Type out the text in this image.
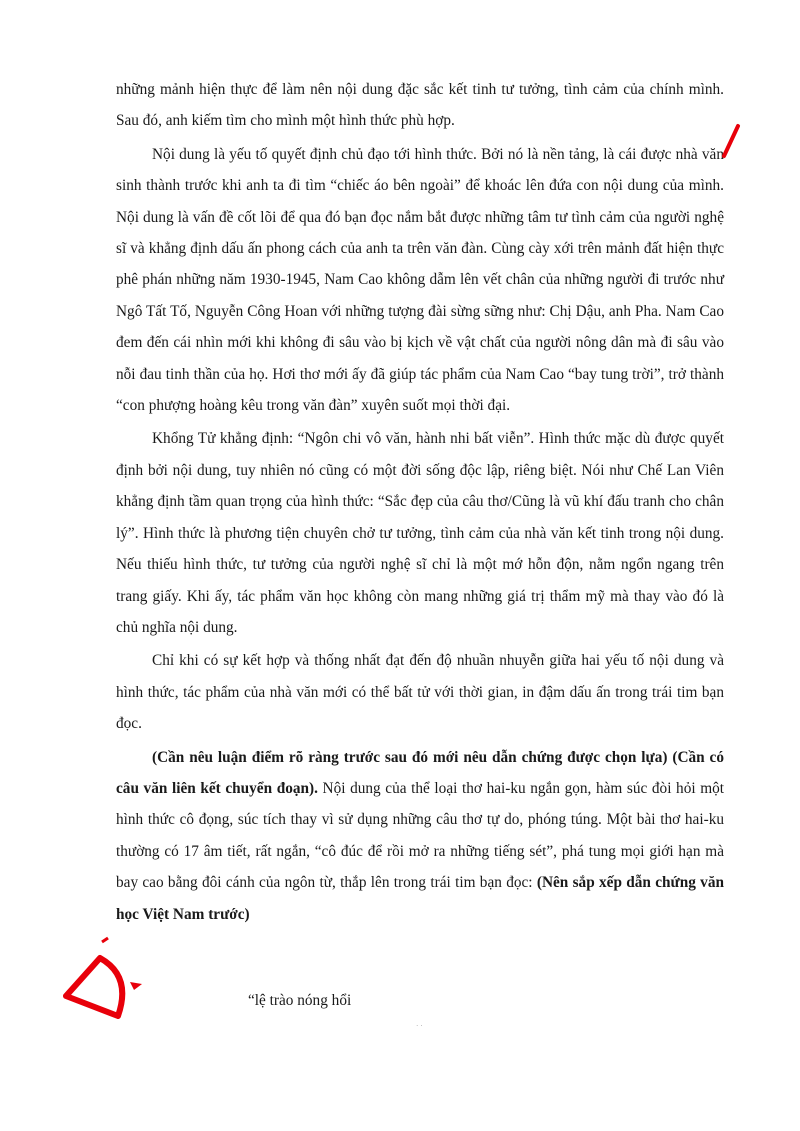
những mảnh hiện thực để làm nên nội dung đặc sắc kết tinh tư tưởng, tình cảm của chính mình. Sau đó, anh kiếm tìm cho mình một hình thức phù hợp.

Nội dung là yếu tố quyết định chủ đạo tới hình thức. Bởi nó là nền tảng, là cái được nhà văn sinh thành trước khi anh ta đi tìm “chiếc áo bên ngoài” để khoác lên đứa con nội dung của mình. Nội dung là vấn đề cốt lõi để qua đó bạn đọc nắm bắt được những tâm tư tình cảm của người nghệ sĩ và khẳng định dấu ấn phong cách của anh ta trên văn đàn. Cùng cày xới trên mảnh đất hiện thực phê phán những năm 1930-1945, Nam Cao không dẫm lên vết chân của những người đi trước như Ngô Tất Tố, Nguyễn Công Hoan với những tượng đài sừng sững như: Chị Dậu, anh Pha. Nam Cao đem đến cái nhìn mới khi không đi sâu vào bị kịch về vật chất của người nông dân mà đi sâu vào nỗi đau tinh thần của họ. Hơi thơ mới ấy đã giúp tác phẩm của Nam Cao “bay tung trời”, trở thành “con phượng hoàng kêu trong văn đàn” xuyên suốt mọi thời đại.

Khổng Tử khẳng định: “Ngôn chi vô văn, hành nhi bất viễn”. Hình thức mặc dù được quyết định bởi nội dung, tuy nhiên nó cũng có một đời sống độc lập, riêng biệt. Nói như Chế Lan Viên khẳng định tầm quan trọng của hình thức: “Sắc đẹp của câu thơ/Cũng là vũ khí đấu tranh cho chân lý”. Hình thức là phương tiện chuyên chở tư tưởng, tình cảm của nhà văn kết tinh trong nội dung. Nếu thiếu hình thức, tư tưởng của người nghệ sĩ chỉ là một mớ hỗn độn, nằm ngổn ngang trên trang giấy. Khi ấy, tác phẩm văn học không còn mang những giá trị thẩm mỹ mà thay vào đó là chủ nghĩa nội dung.

Chỉ khi có sự kết hợp và thống nhất đạt đến độ nhuần nhuyễn giữa hai yếu tố nội dung và hình thức, tác phẩm của nhà văn mới có thể bất tử với thời gian, in đậm dấu ấn trong trái tim bạn đọc.

(Cần nêu luận điểm rõ ràng trước sau đó mới nêu dẫn chứng được chọn lựa) (Cần có câu văn liên kết chuyển đoạn). Nội dung của thể loại thơ hai-ku ngắn gọn, hàm súc đòi hỏi một hình thức cô đọng, súc tích thay vì sử dụng những câu thơ tự do, phóng túng. Một bài thơ hai-ku thường có 17 âm tiết, rất ngắn, “cô đúc để rồi mở ra những tiếng sét”, phá tung mọi giới hạn mà bay cao bằng đôi cánh của ngôn từ, thắp lên trong trái tim bạn đọc: (Nên sắp xếp dẫn chứng văn học Việt Nam trước)

“lệ trào nóng hổi
··
